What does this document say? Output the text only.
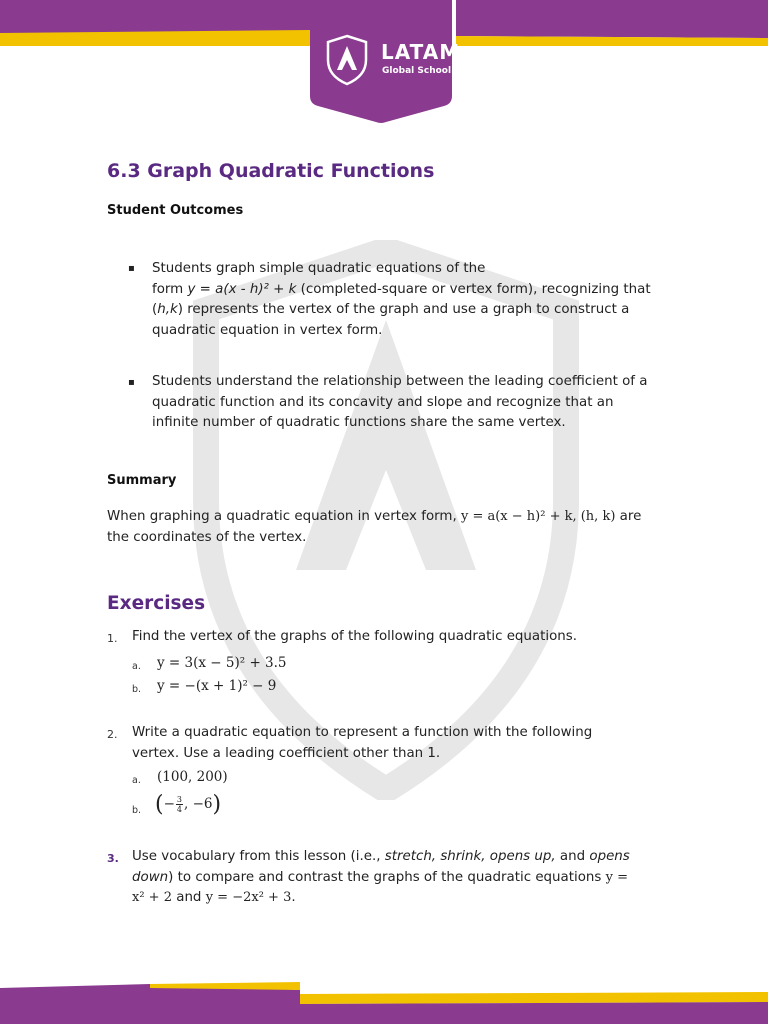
LATAM
Global School
6.3 Graph Quadratic Functions
Student Outcomes
▪ Students graph simple quadratic equations of the
form y = a(x - h)² + k (completed-square or vertex form), recognizing that
(h,k) represents the vertex of the graph and use a graph to construct a
quadratic equation in vertex form.
▪ Students understand the relationship between the leading coefficient of a
quadratic function and its concavity and slope and recognize that an
infinite number of quadratic functions share the same vertex.
Summary
When graphing a quadratic equation in vertex form, y = a(x − h)² + k, (h, k) are
the coordinates of the vertex.
Exercises
1. Find the vertex of the graphs of the following quadratic equations.
a. y = 3(x − 5)² + 3.5
b. y = −(x + 1)² − 9
2. Write a quadratic equation to represent a function with the following
vertex. Use a leading coefficient other than 1.
a. (100, 200)
b. (− $\frac{3}{4}$ , −6)
3. Use vocabulary from this lesson (i.e., stretch, shrink, opens up, and opens
down) to compare and contrast the graphs of the quadratic equations y =
x² + 2 and y = −2x² + 3.
